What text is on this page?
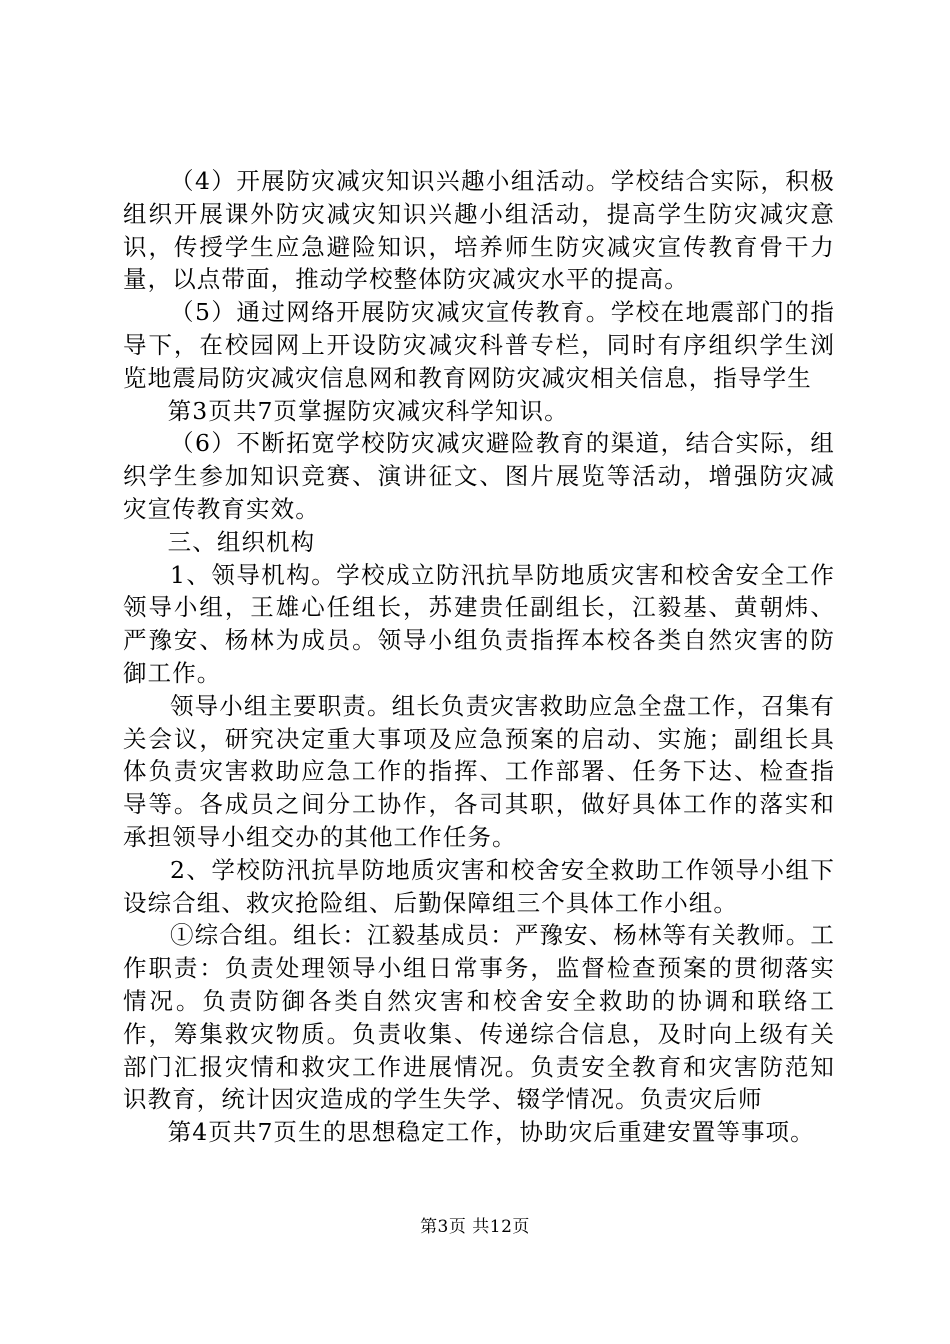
（4）开展防灾减灾知识兴趣小组活动。学校结合实际，积极组织开展课外防灾减灾知识兴趣小组活动，提高学生防灾减灾意识，传授学生应急避险知识，培养师生防灾减灾宣传教育骨干力量，以点带面，推动学校整体防灾减灾水平的提高。

（5）通过网络开展防灾减灾宣传教育。学校在地震部门的指导下，在校园网上开设防灾减灾科普专栏，同时有序组织学生浏览地震局防灾减灾信息网和教育网防灾减灾相关信息，指导学生

第3页共7页掌握防灾减灾科学知识。

（6）不断拓宽学校防灾减灾避险教育的渠道，结合实际，组织学生参加知识竞赛、演讲征文、图片展览等活动，增强防灾减灾宣传教育实效。

三、组织机构

1、领导机构。学校成立防汛抗旱防地质灾害和校舍安全工作领导小组，王雄心任组长，苏建贵任副组长，江毅基、黄朝炜、严豫安、杨林为成员。领导小组负责指挥本校各类自然灾害的防御工作。

领导小组主要职责。组长负责灾害救助应急全盘工作，召集有关会议，研究决定重大事项及应急预案的启动、实施；副组长具体负责灾害救助应急工作的指挥、工作部署、任务下达、检查指导等。各成员之间分工协作，各司其职，做好具体工作的落实和承担领导小组交办的其他工作任务。

2、学校防汛抗旱防地质灾害和校舍安全救助工作领导小组下设综合组、救灾抢险组、后勤保障组三个具体工作小组。

①综合组。组长：江毅基成员：严豫安、杨林等有关教师。工作职责：负责处理领导小组日常事务，监督检查预案的贯彻落实情况。负责防御各类自然灾害和校舍安全救助的协调和联络工作，筹集救灾物质。负责收集、传递综合信息，及时向上级有关部门汇报灾情和救灾工作进展情况。负责安全教育和灾害防范知识教育，统计因灾造成的学生失学、辍学情况。负责灾后师

第4页共7页生的思想稳定工作，协助灾后重建安置等事项。

第3页 共12页
